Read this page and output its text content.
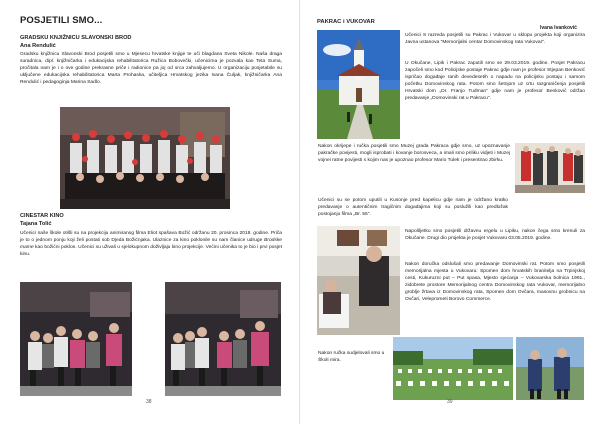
POSJETILI SMO...
GRADSKU KNJIŽNICU SLAVONSKI BROD
Ana Rendulić

Gradsku knjižnicu Slavonski Brod posjetili smo u Mjesecu hrvatske knjige te uči blagdana Sveta Nikole. Naša draga suradnica, dipl. knjižničarka i edukacijska rehabilitatorica Ružica Bobovečki, učenicima je pozvala kao Teta Suma, pročitala nam je i o ove godine prekrasne priče i radionice pa joj od srca zahvaljujemo. U organizaciju posjetabile su uključene edukacijska rehabilitatorica Marta Prohaska, učiteljica Hrvatskog jezika Ivana Čuljak, knjižničarka Ana Rendulić i pedagoginja Marina Sadlo.

CINESTAR KINO
Tajana Tolić

Učenici naše škole otišli su na projekciju animiranog filma Eliot spašava Božić održanu 20. prosinca 2018. godine. Priča je to o jednom ponju koji želi postati sob Djeda Božićnjaka. Ulaznice za kino poklonile su nam članice udruge Brodske mame kao božićni poklon. Učenici su uživali u sjelokupnom doživljaju kino projekcije. Većini učenika to je bio i prvi posjet kinu.

38
PAKRAC i VUKOVAR
Ivana Ivanković

Učenici 8 razreda posjetili su Pakrac i Vukovar u sklopu projekta koji organizira Javna ustanova "Memorijalni centar Domovinskog rata Vukovar".

U Okučane, Lipik i Pakrac zaputili smo se 29.03.2019. godine. Posjet Pakracu započeli smo kod Policijske postaje Pakrac gdje nam je profesor Stjepan Benković ispričao događaje ranih devedesetih o napadu na policijsku postaju i samom početku Domovinskog rata. Potom smo šetnjom uz crtu razgraničenja posjetili Hrvatski dom „Dr. Franjo Tuđman" gdje nam je profesor Benković održao predavanje „Domovinski rat u Pakracu".

Nakon okrijepe i ručka posjetili smo Muzej grada Pakraca gdje smo, uz upoznavanje pakračke povijesti, mogli isprobati i kovanje borosveca, a imali smo priliku vidjeti i Muzej vojnei ratne povijesti s kojim nas je upoznao profesor Mario Tulek i presentirao zbirku.

Učenici su se potom uputili u Kusonje pred kapelicu gdje nam je održano kratko predavanje o autentičnim tragičnim događajima koji su poslužili kao predložak postojanju filma „Br. 55".

Napošljetku smo posjetili državnu ergelu u Lipiku, nakon čega smo krenuli za Okučane. Drugi dio projekta je posjet Vukovaru 03.05.2019. godine.

Nakon doručka odslušali smo predavanje Domovinski rat. Potom smo posjetili memorijalna mjesta u Vukovaru: Spomen dom hrvatskih branitelja na Trpinjskoj cesti, Kukuruzni put – Put spasa, Mjesto sjećanja – Vukovarska bolnica 1991., zidobrete prostore Memorijalnog centra Domovinskog rata Vukovar, memorijalno groblje žrtava iz Domovinskog rata, Spomen dom Ovčara, masovnu grobnicu na Ovčari, Veleprometi Borovo Commerce.

Nakon ručka sudjelovali smo u Školi mira.

39
